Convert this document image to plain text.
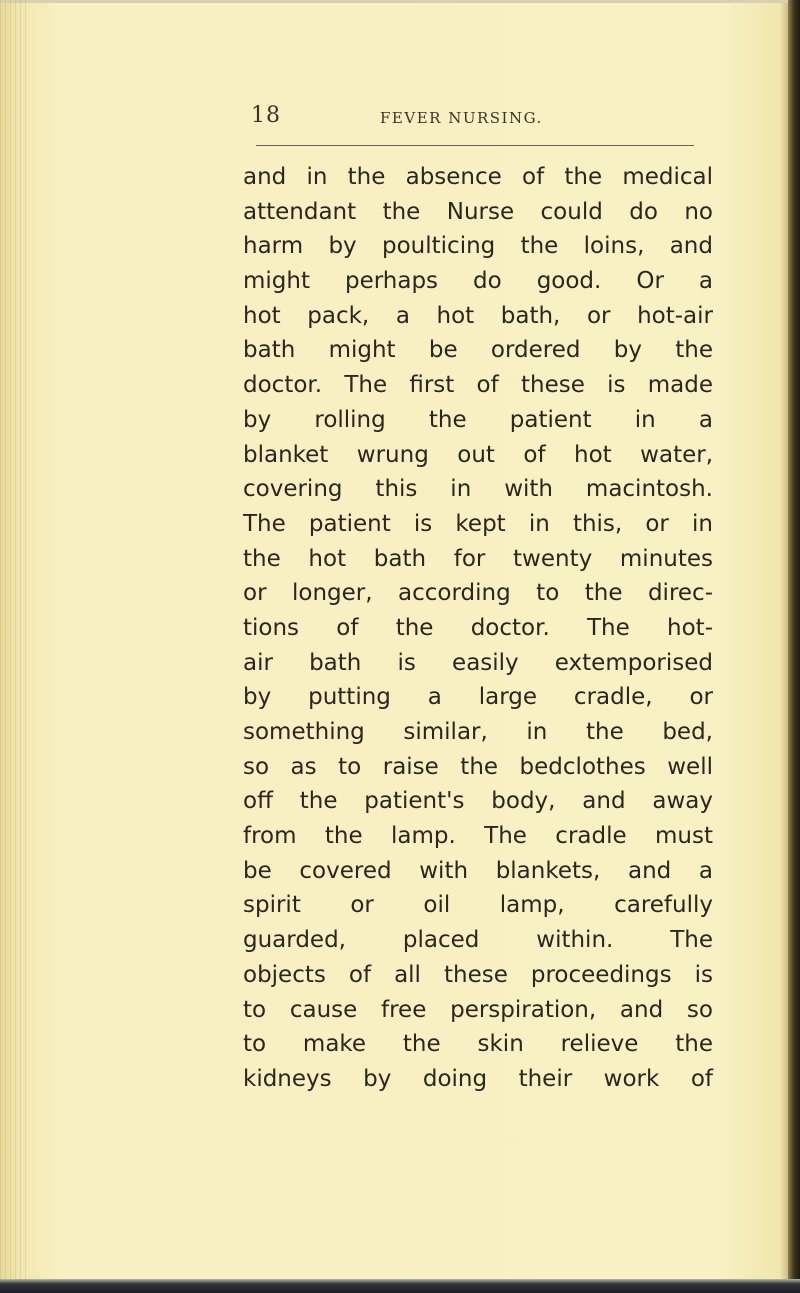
18	FEVER NURSING.
and in the absence of the medical
attendant the Nurse could do no
harm by poulticing the loins, and
might perhaps do good. Or a
hot pack, a hot bath, or hot-air
bath might be ordered by the
doctor. The first of these is made
by rolling the patient in a
blanket wrung out of hot water,
covering this in with macintosh.
The patient is kept in this, or in
the hot bath for twenty minutes
or longer, according to the direc-
tions of the doctor. The hot-
air bath is easily extemporised
by putting a large cradle, or
something similar, in the bed,
so as to raise the bedclothes well
off the patient's body, and away
from the lamp. The cradle must
be covered with blankets, and a
spirit or oil lamp, carefully
guarded, placed within. The
objects of all these proceedings is
to cause free perspiration, and so
to make the skin relieve the
kidneys by doing their work of
